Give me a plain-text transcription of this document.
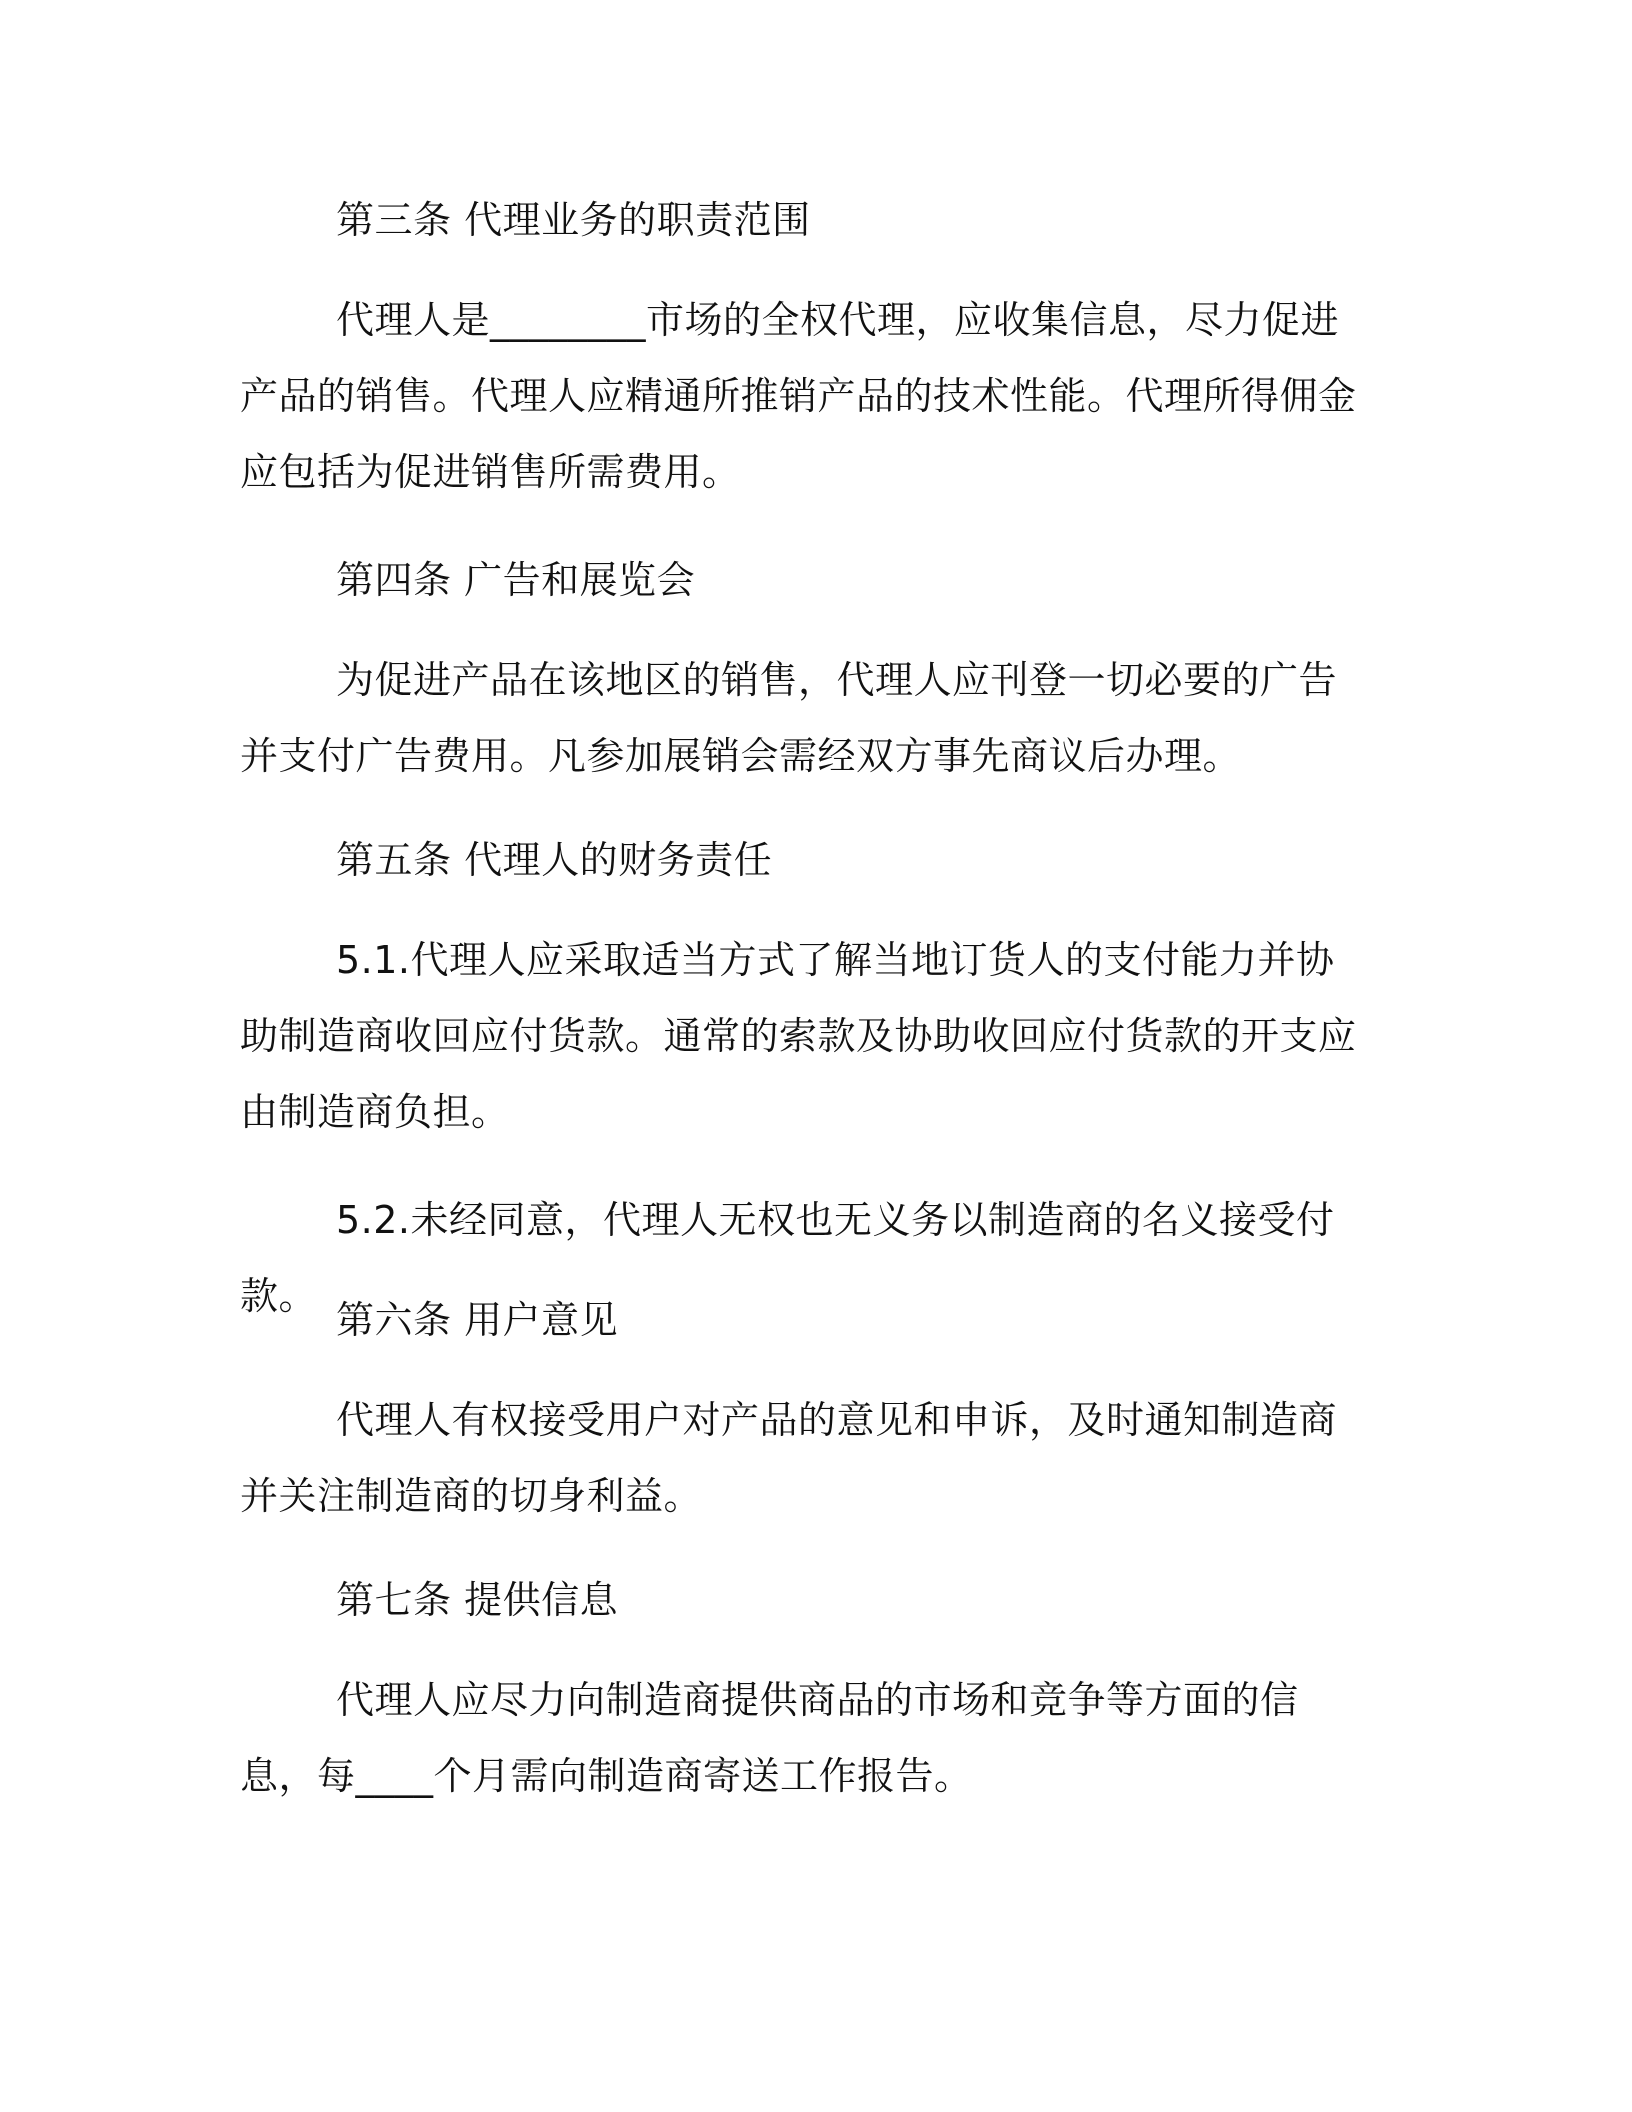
第三条 代理业务的职责范围

代理人是________市场的全权代理，应收集信息，尽力促进产品的销售。代理人应精通所推销产品的技术性能。代理所得佣金应包括为促进销售所需费用。

第四条 广告和展览会

为促进产品在该地区的销售，代理人应刊登一切必要的广告并支付广告费用。凡参加展销会需经双方事先商议后办理。

第五条 代理人的财务责任

5.1.代理人应采取适当方式了解当地订货人的支付能力并协助制造商收回应付货款。通常的索款及协助收回应付货款的开支应由制造商负担。

5.2.未经同意，代理人无权也无义务以制造商的名义接受付款。

第六条 用户意见

代理人有权接受用户对产品的意见和申诉，及时通知制造商并关注制造商的切身利益。

第七条 提供信息

代理人应尽力向制造商提供商品的市场和竞争等方面的信息，每____个月需向制造商寄送工作报告。
